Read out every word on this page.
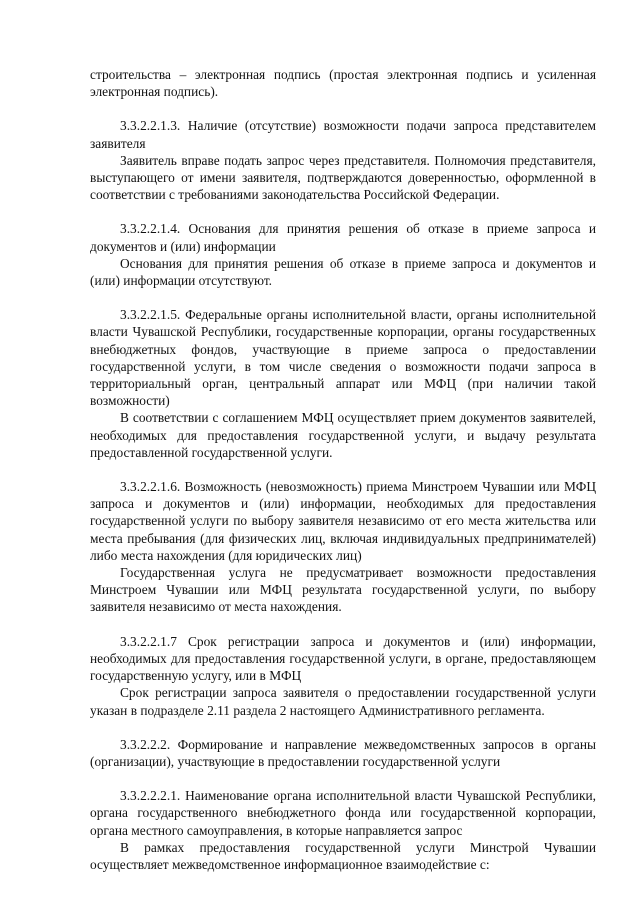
строительства – электронная подпись (простая электронная подпись и усиленная электронная подпись).

3.3.2.2.1.3. Наличие (отсутствие) возможности подачи запроса представителем заявителя

Заявитель вправе подать запрос через представителя. Полномочия представителя, выступающего от имени заявителя, подтверждаются доверенностью, оформленной в соответствии с требованиями законодательства Российской Федерации.

3.3.2.2.1.4. Основания для принятия решения об отказе в приеме запроса и документов и (или) информации

Основания для принятия решения об отказе в приеме запроса и документов и (или) информации отсутствуют.

3.3.2.2.1.5. Федеральные органы исполнительной власти, органы исполнительной власти Чувашской Республики, государственные корпорации, органы государственных внебюджетных фондов, участвующие в приеме запроса о предоставлении государственной услуги, в том числе сведения о возможности подачи запроса в территориальный орган, центральный аппарат или МФЦ (при наличии такой возможности)

В соответствии с соглашением МФЦ осуществляет прием документов заявителей, необходимых для предоставления государственной услуги, и выдачу результата предоставленной государственной услуги.

3.3.2.2.1.6. Возможность (невозможность) приема Минстроем Чувашии или МФЦ запроса и документов и (или) информации, необходимых для предоставления государственной услуги по выбору заявителя независимо от его места жительства или места пребывания (для физических лиц, включая индивидуальных предпринимателей) либо места нахождения (для юридических лиц)

Государственная услуга не предусматривает возможности предоставления Минстроем Чувашии или МФЦ результата государственной услуги, по выбору заявителя независимо от места нахождения.

3.3.2.2.1.7 Срок регистрации запроса и документов и (или) информации, необходимых для предоставления государственной услуги, в органе, предоставляющем государственную услугу, или в МФЦ

Срок регистрации запроса заявителя о предоставлении государственной услуги указан в подразделе 2.11 раздела 2 настоящего Административного регламента.

3.3.2.2.2. Формирование и направление межведомственных запросов в органы (организации), участвующие в предоставлении государственной услуги

3.3.2.2.2.1. Наименование органа исполнительной власти Чувашской Республики, органа государственного внебюджетного фонда или государственной корпорации, органа местного самоуправления, в которые направляется запрос

В рамках предоставления государственной услуги Минстрой Чувашии осуществляет межведомственное информационное взаимодействие с:
